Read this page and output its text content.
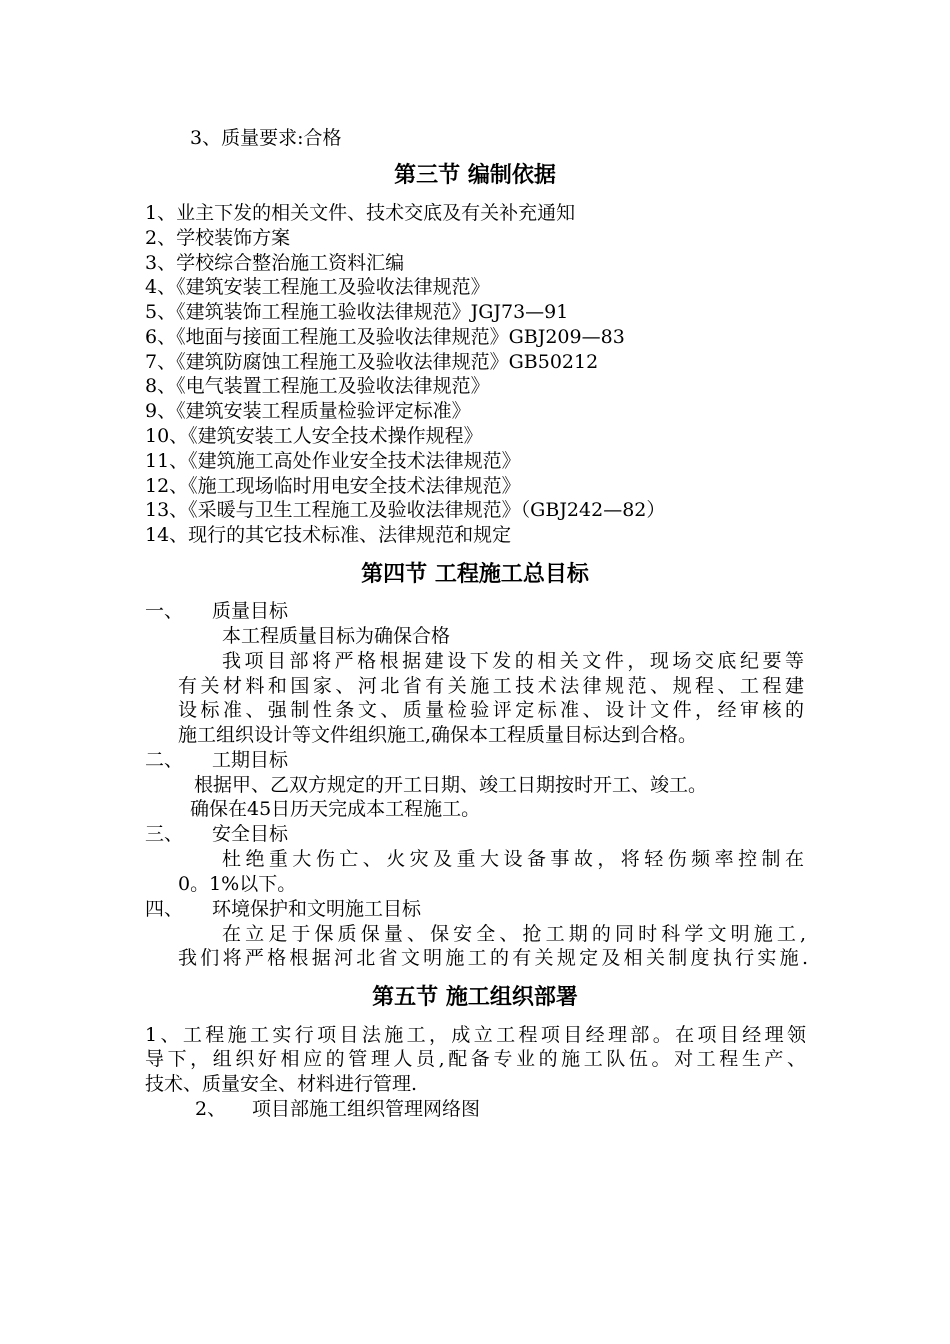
3、质量要求:合格
第三节 编制依据
1、业主下发的相关文件、技术交底及有关补充通知
2、学校装饰方案
3、学校综合整治施工资料汇编
4、《建筑安装工程施工及验收法律规范》
5、《建筑装饰工程施工验收法律规范》JGJ73—91
6、《地面与接面工程施工及验收法律规范》GBJ209—83
7、《建筑防腐蚀工程施工及验收法律规范》GB50212
8、《电气装置工程施工及验收法律规范》
9、《建筑安装工程质量检验评定标准》
10、《建筑安装工人安全技术操作规程》
11、《建筑施工高处作业安全技术法律规范》
12、《施工现场临时用电安全技术法律规范》
13、《采暖与卫生工程施工及验收法律规范》（GBJ242—82）
14、现行的其它技术标准、法律规范和规定
第四节 工程施工总目标
一、 质量目标
本工程质量目标为确保合格
我项目部将严格根据建设下发的相关文件，现场交底纪要等
有关材料和国家、河北省有关施工技术法律规范、规程、工程建
设标准、强制性条文、质量检验评定标准、设计文件，经审核的
施工组织设计等文件组织施工,确保本工程质量目标达到合格。
二、 工期目标
根据甲、乙双方规定的开工日期、竣工日期按时开工、竣工。
确保在45日历天完成本工程施工。
三、 安全目标
杜绝重大伤亡、火灾及重大设备事故，将轻伤频率控制在
0。1%以下。
四、 环境保护和文明施工目标
在立足于保质保量、保安全、抢工期的同时科学文明施工,
我们将严格根据河北省文明施工的有关规定及相关制度执行实施.
第五节 施工组织部署
1、工程施工实行项目法施工，成立工程项目经理部。在项目经理领
导下，组织好相应的管理人员,配备专业的施工队伍。对工程生产、
技术、质量安全、材料进行管理.
2、 项目部施工组织管理网络图
